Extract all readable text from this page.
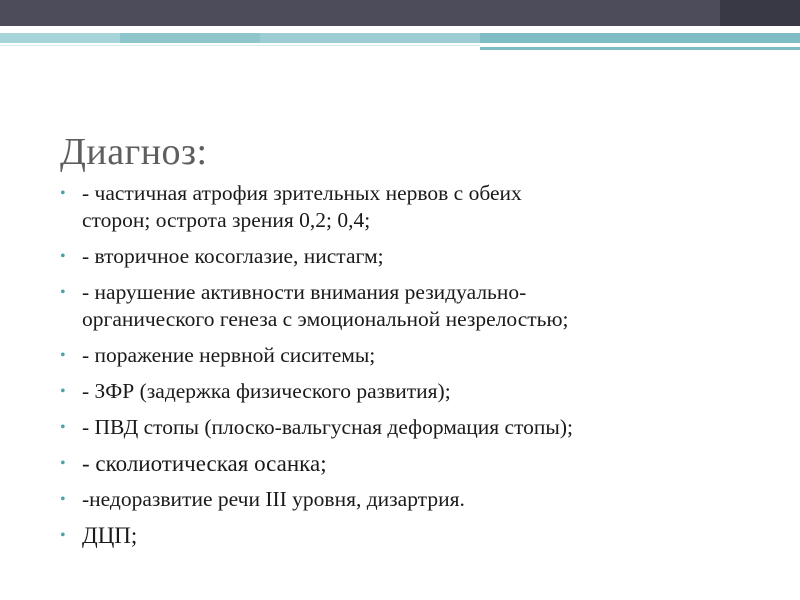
Диагноз:
• - частичная атрофия зрительных нервов с обеих
сторон; острота зрения 0,2; 0,4;
• - вторичное косоглазие, нистагм;
• - нарушение активности внимания резидуально-
органического генеза с эмоциональной незрелостью;
• - поражение нервной сиситемы;
• - ЗФР (задержка физического развития);
• - ПВД стопы (плоско-вальгусная деформация стопы);
• - сколиотическая осанка;
• -недоразвитие речи III уровня, дизартрия.
• ДЦП;
